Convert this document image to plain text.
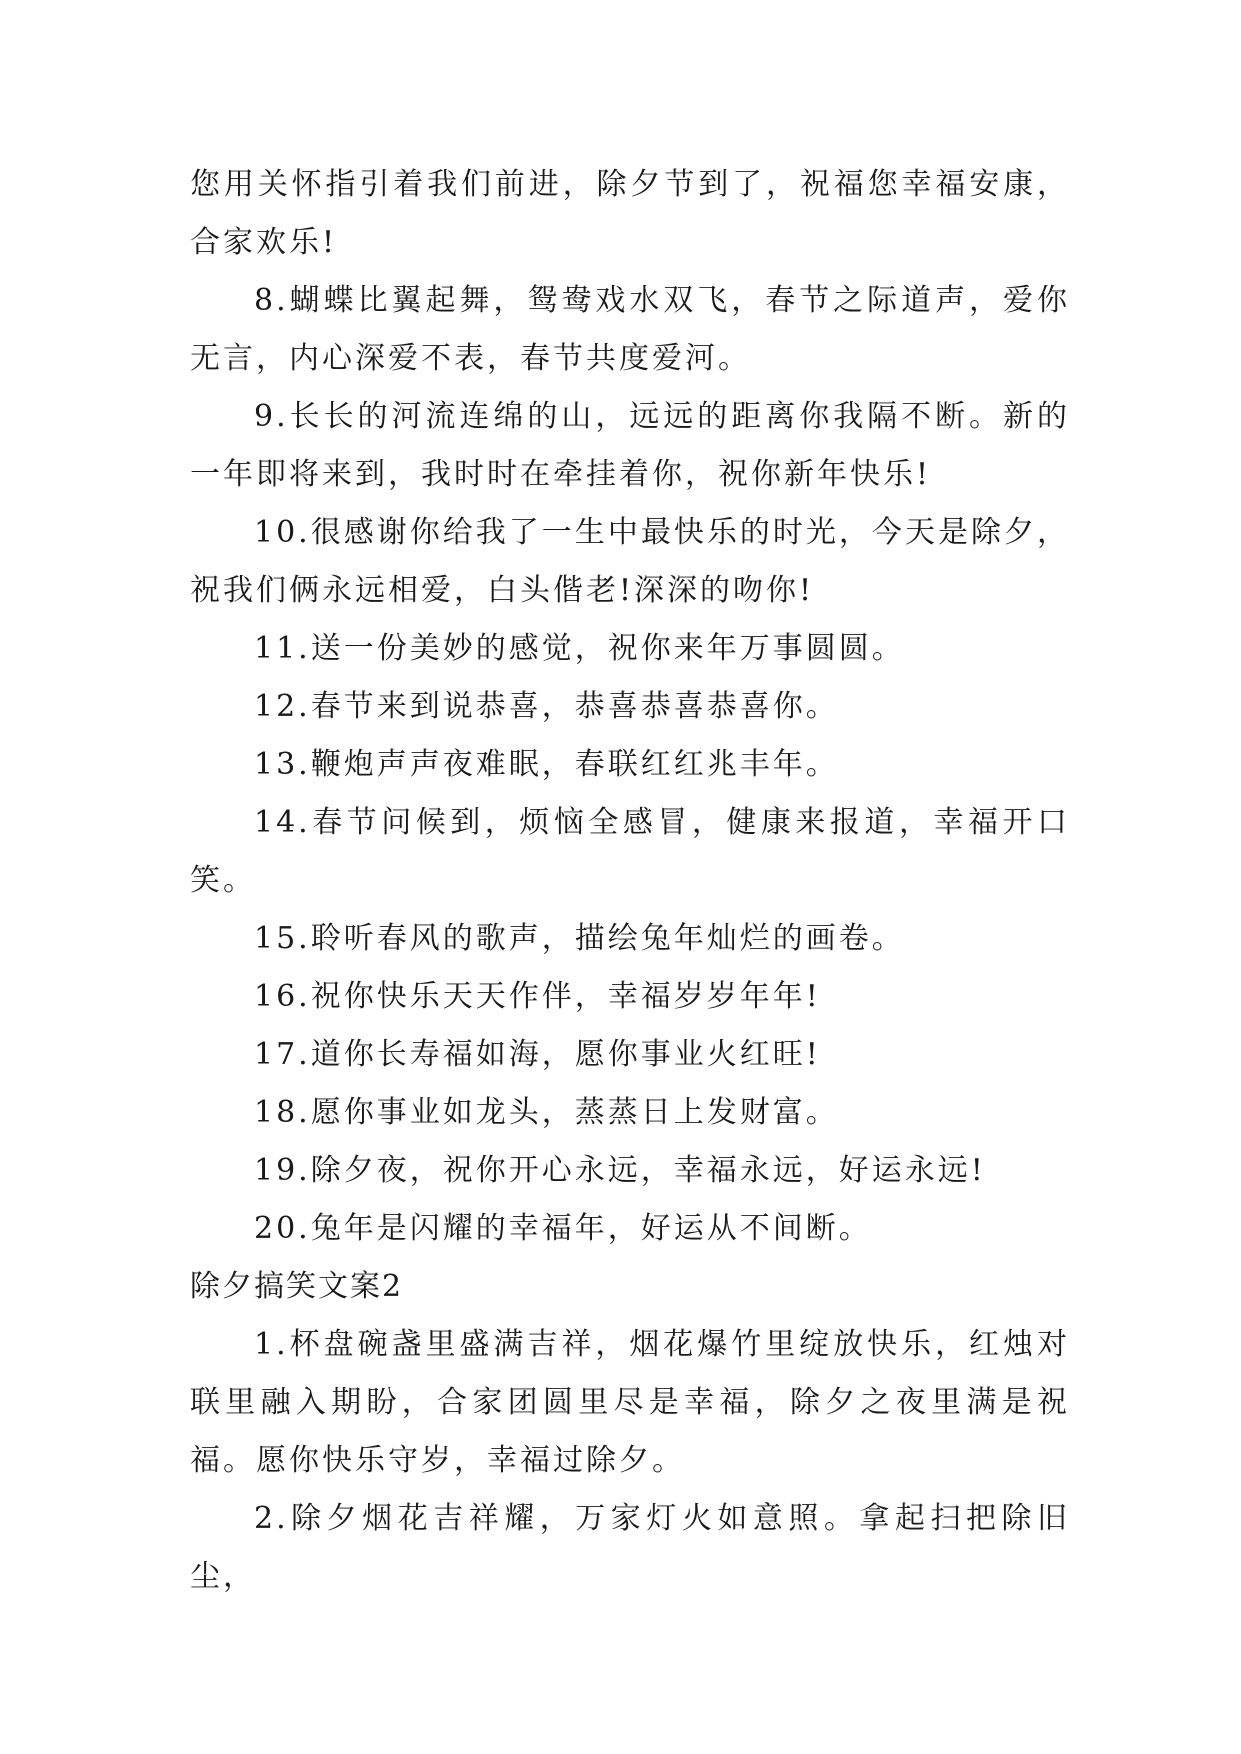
您用关怀指引着我们前进，除夕节到了，祝福您幸福安康，合家欢乐!

8.蝴蝶比翼起舞，鸳鸯戏水双飞，春节之际道声，爱你无言，内心深爱不表，春节共度爱河。

9.长长的河流连绵的山，远远的距离你我隔不断。新的一年即将来到，我时时在牵挂着你，祝你新年快乐!

10.很感谢你给我了一生中最快乐的时光，今天是除夕，祝我们俩永远相爱，白头偕老!深深的吻你!

11.送一份美妙的感觉，祝你来年万事圆圆。

12.春节来到说恭喜，恭喜恭喜恭喜你。

13.鞭炮声声夜难眠，春联红红兆丰年。

14.春节问候到，烦恼全感冒，健康来报道，幸福开口笑。

15.聆听春风的歌声，描绘兔年灿烂的画卷。

16.祝你快乐天天作伴，幸福岁岁年年!

17.道你长寿福如海，愿你事业火红旺!

18.愿你事业如龙头，蒸蒸日上发财富。

19.除夕夜，祝你开心永远，幸福永远，好运永远!

20.兔年是闪耀的幸福年，好运从不间断。

除夕搞笑文案2

1.杯盘碗盏里盛满吉祥，烟花爆竹里绽放快乐，红烛对联里融入期盼，合家团圆里尽是幸福，除夕之夜里满是祝福。愿你快乐守岁，幸福过除夕。

2.除夕烟花吉祥耀，万家灯火如意照。拿起扫把除旧尘，
